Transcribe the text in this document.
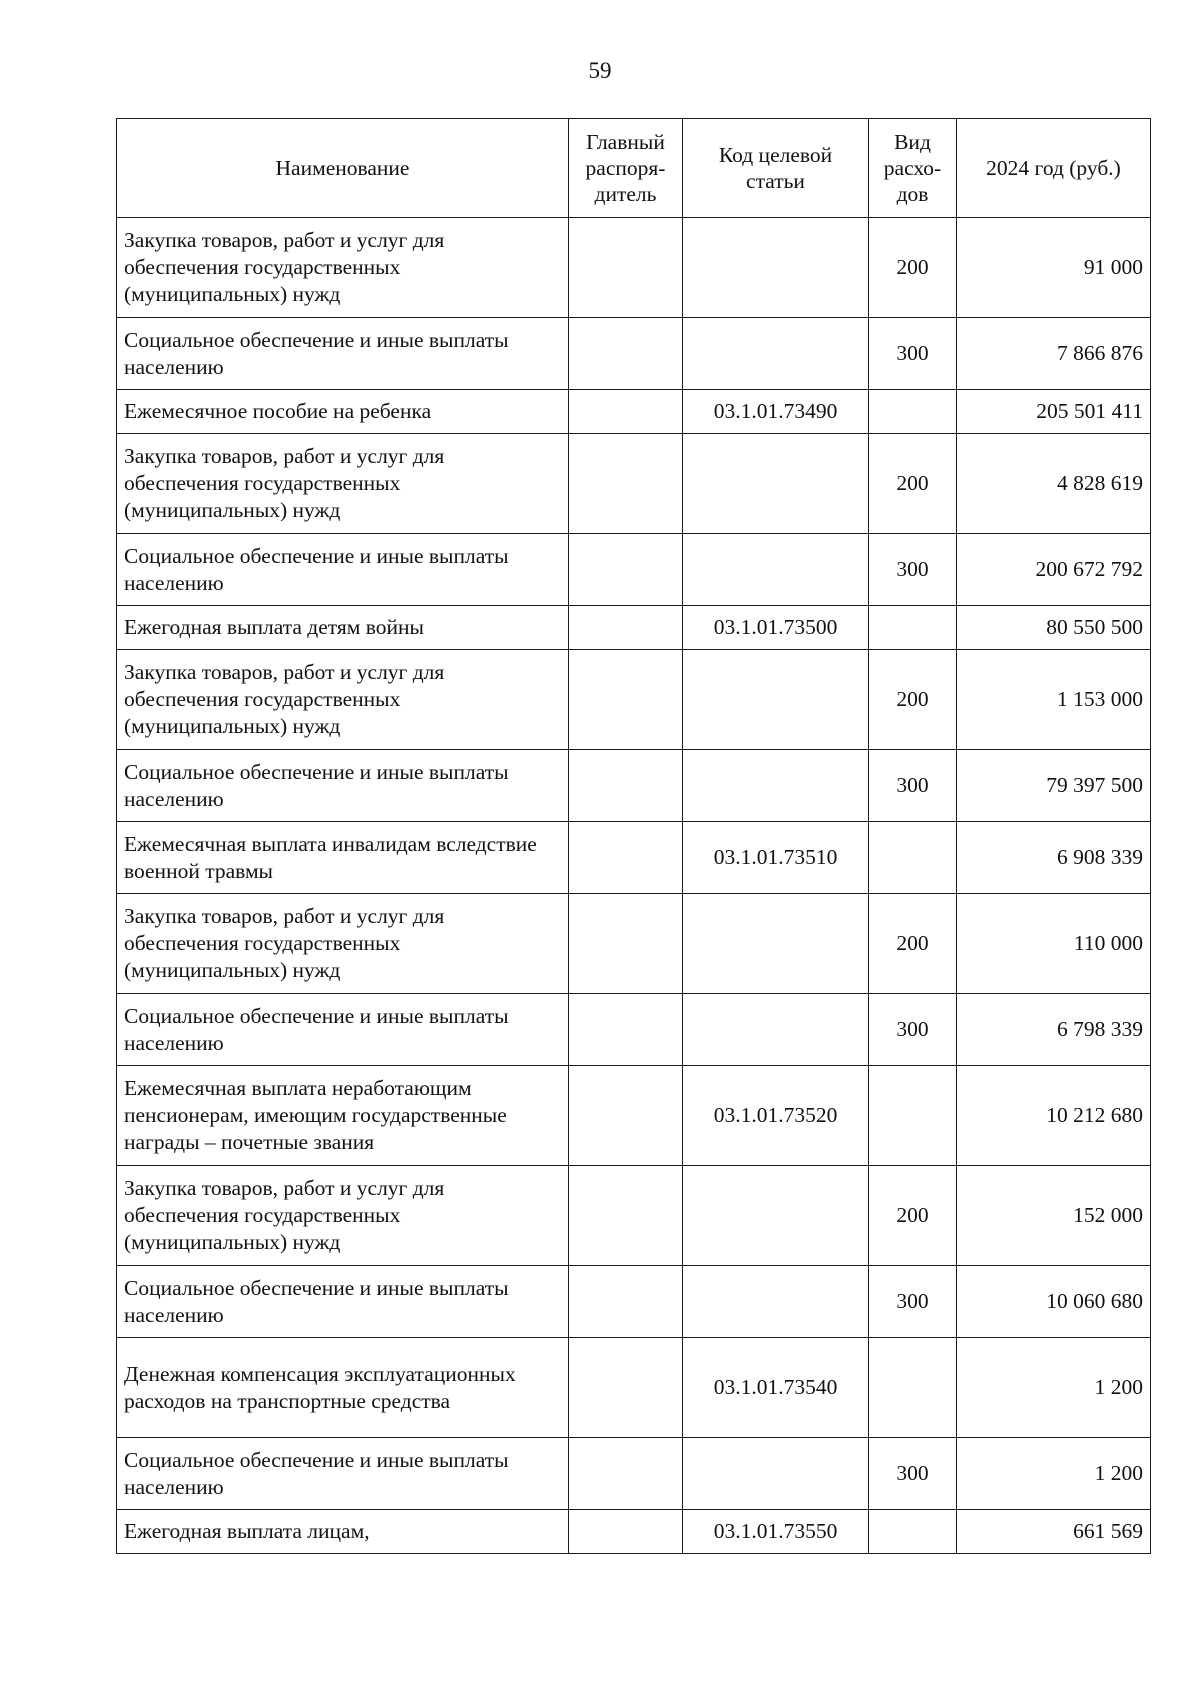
59
Наименование	Главный распоря-дитель	Код целевой статьи	Вид расхо-дов	2024 год (руб.)
Закупка товаров, работ и услуг для обеспечения государственных (муниципальных) нужд			200	91 000
Социальное обеспечение и иные выплаты населению			300	7 866 876
Ежемесячное пособие на ребенка		03.1.01.73490		205 501 411
Закупка товаров, работ и услуг для обеспечения государственных (муниципальных) нужд			200	4 828 619
Социальное обеспечение и иные выплаты населению			300	200 672 792
Ежегодная выплата детям войны		03.1.01.73500		80 550 500
Закупка товаров, работ и услуг для обеспечения государственных (муниципальных) нужд			200	1 153 000
Социальное обеспечение и иные выплаты населению			300	79 397 500
Ежемесячная выплата инвалидам вследствие военной травмы		03.1.01.73510		6 908 339
Закупка товаров, работ и услуг для обеспечения государственных (муниципальных) нужд			200	110 000
Социальное обеспечение и иные выплаты населению			300	6 798 339
Ежемесячная выплата неработающим пенсионерам, имеющим государственные награды – почетные звания		03.1.01.73520		10 212 680
Закупка товаров, работ и услуг для обеспечения государственных (муниципальных) нужд			200	152 000
Социальное обеспечение и иные выплаты населению			300	10 060 680
Денежная компенсация эксплуатационных расходов на транспортные средства		03.1.01.73540		1 200
Социальное обеспечение и иные выплаты населению			300	1 200
Ежегодная выплата лицам,		03.1.01.73550		661 569
